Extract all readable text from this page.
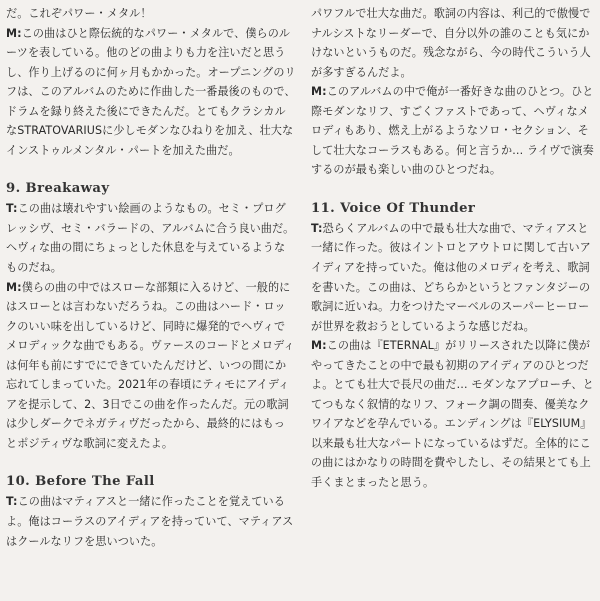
だ。これぞパワー・メタル！

M:この曲はひと際伝統的なパワー・メタルで、僕らのルーツを表している。他のどの曲よりも力を注いだと思うし、作り上げるのに何ヶ月もかかった。オープニングのリフは、このアルバムのために作曲した一番最後のもので、ドラムを録り終えた後にできたんだ。とてもクラシカルなSTRATOVARIUSに少しモダンなひねりを加え、壮大なインストゥルメンタル・パートを加えた曲だ。

9. Breakaway

T:この曲は壊れやすい絵画のようなもの。セミ・プログレッシヴ、セミ・バラードの、アルバムに合う良い曲だ。ヘヴィな曲の間にちょっとした休息を与えているようなものだね。

M:僕らの曲の中ではスローな部類に入るけど、一般的にはスローとは言わないだろうね。この曲はハード・ロックのいい味を出しているけど、同時に爆発的でヘヴィでメロディックな曲でもある。ヴァースのコードとメロディは何年も前にすでにできていたんだけど、いつの間にか忘れてしまっていた。2021年の春頃にティモにアイディアを提示して、2、3日でこの曲を作ったんだ。元の歌詞は少しダークでネガティヴだったから、最終的にはもっとポジティヴな歌詞に変えたよ。

10. Before The Fall

T:この曲はマティアスと一緒に作ったことを覚えているよ。俺はコーラスのアイディアを持っていて、マティアスはクールなリフを思いついた。

パワフルで壮大な曲だ。歌詞の内容は、利己的で傲慢でナルシストなリーダーで、自分以外の誰のことも気にかけないというものだ。残念ながら、今の時代こういう人が多すぎるんだよ。

M:このアルバムの中で俺が一番好きな曲のひとつ。ひと際モダンなリフ、すごくファストであって、ヘヴィなメロディもあり、燃え上がるようなソロ・セクション、そして壮大なコーラスもある。何と言うか… ライヴで演奏するのが最も楽しい曲のひとつだね。

11. Voice Of Thunder

T:恐らくアルバムの中で最も壮大な曲で、マティアスと一緒に作った。彼はイントロとアウトロに関して古いアイディアを持っていた。俺は他のメロディを考え、歌詞を書いた。この曲は、どちらかというとファンタジーの歌詞に近いね。力をつけたマーベルのスーパーヒーローが世界を救おうとしているような感じだね。

M:この曲は『ETERNAL』がリリースされた以降に僕がやってきたことの中で最も初期のアイディアのひとつだよ。とても壮大で長尺の曲だ… モダンなアプローチ、とてつもなく叙情的なリフ、フォーク調の間奏、優美なクワイアなどを孕んでいる。エンディングは『ELYSIUM』以来最も壮大なパートになっているはずだ。全体的にこの曲にはかなりの時間を費やしたし、その結果とても上手くまとまったと思う。
